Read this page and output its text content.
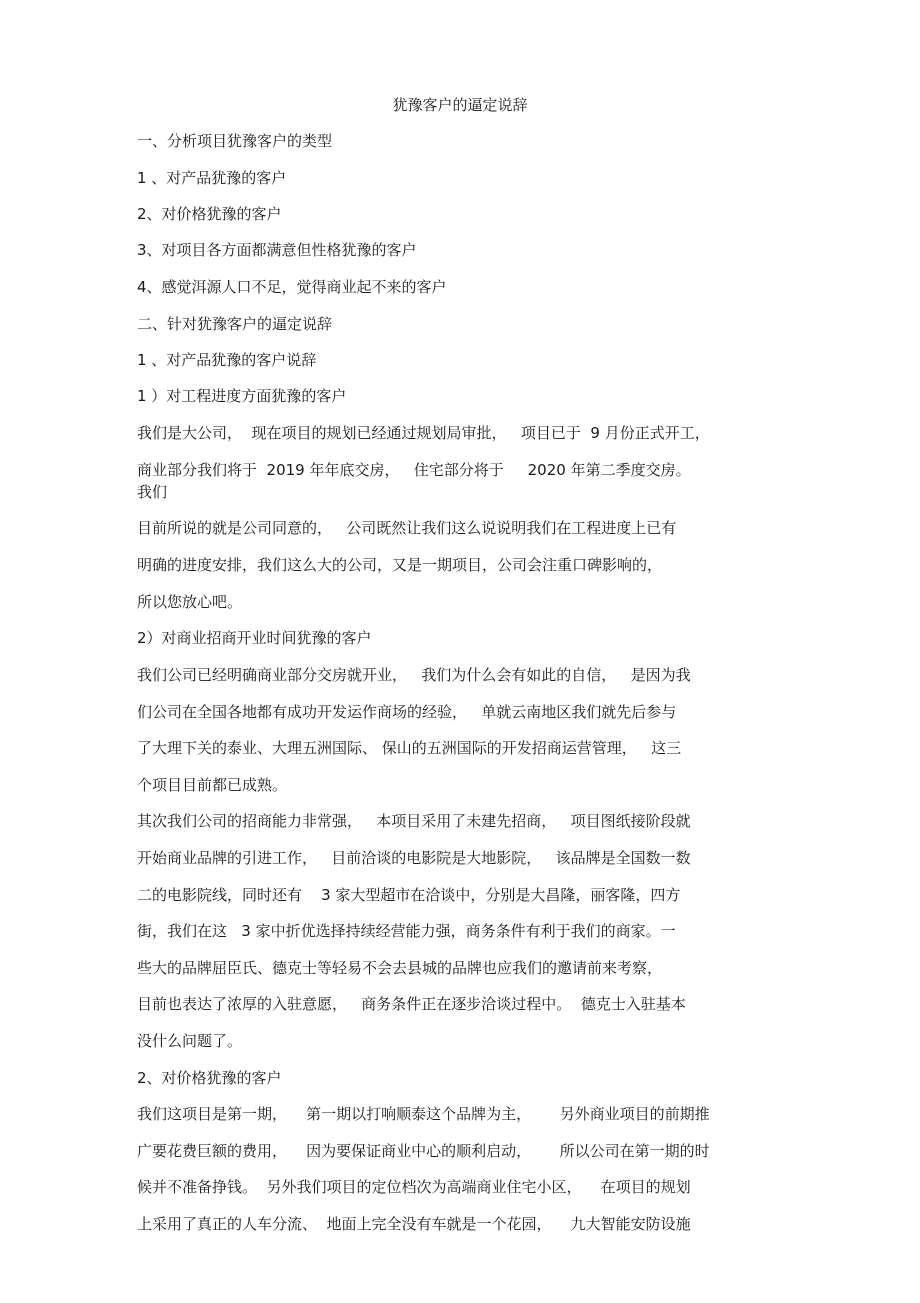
犹豫客户的逼定说辞
一、分析项目犹豫客户的类型
1 、对产品犹豫的客户
2、对价格犹豫的客户
3、对项目各方面都满意但性格犹豫的客户
4、感觉洱源人口不足，觉得商业起不来的客户
二、针对犹豫客户的逼定说辞
1 、对产品犹豫的客户说辞
1 ）对工程进度方面犹豫的客户
我们是大公司，  现在项目的规划已经通过规划局审批，   项目已于  9 月份正式开工，
商业部分我们将于  2019 年年底交房，   住宅部分将于     2020 年第二季度交房。
我们
目前所说的就是公司同意的，   公司既然让我们这么说说明我们在工程进度上已有
明确的进度安排，我们这么大的公司，又是一期项目，公司会注重口碑影响的，
所以您放心吧。
2）对商业招商开业时间犹豫的客户
我们公司已经明确商业部分交房就开业，   我们为什么会有如此的自信，   是因为我
们公司在全国各地都有成功开发运作商场的经验，   单就云南地区我们就先后参与
了大理下关的泰业、大理五洲国际、 保山的五洲国际的开发招商运营管理，   这三
个项目目前都已成熟。
其次我们公司的招商能力非常强，   本项目采用了未建先招商，   项目图纸接阶段就
开始商业品牌的引进工作，   目前洽谈的电影院是大地影院，   该品牌是全国数一数
二的电影院线，同时还有    3 家大型超市在洽谈中，分别是大昌隆，丽客隆，四方
街，我们在这   3 家中折优选择持续经营能力强，商务条件有利于我们的商家。一
些大的品牌屈臣氏、德克士等轻易不会去县城的品牌也应我们的邀请前来考察，
目前也表达了浓厚的入驻意愿，   商务条件正在逐步洽谈过程中。  德克士入驻基本
没什么问题了。
2、对价格犹豫的客户
我们这项目是第一期，    第一期以打响顺泰这个品牌为主，      另外商业项目的前期推
广要花费巨额的费用，    因为要保证商业中心的顺利启动，      所以公司在第一期的时
候并不准备挣钱。  另外我们项目的定位档次为高端商业住宅小区，    在项目的规划
上采用了真正的人车分流、  地面上完全没有车就是一个花园，    九大智能安防设施
